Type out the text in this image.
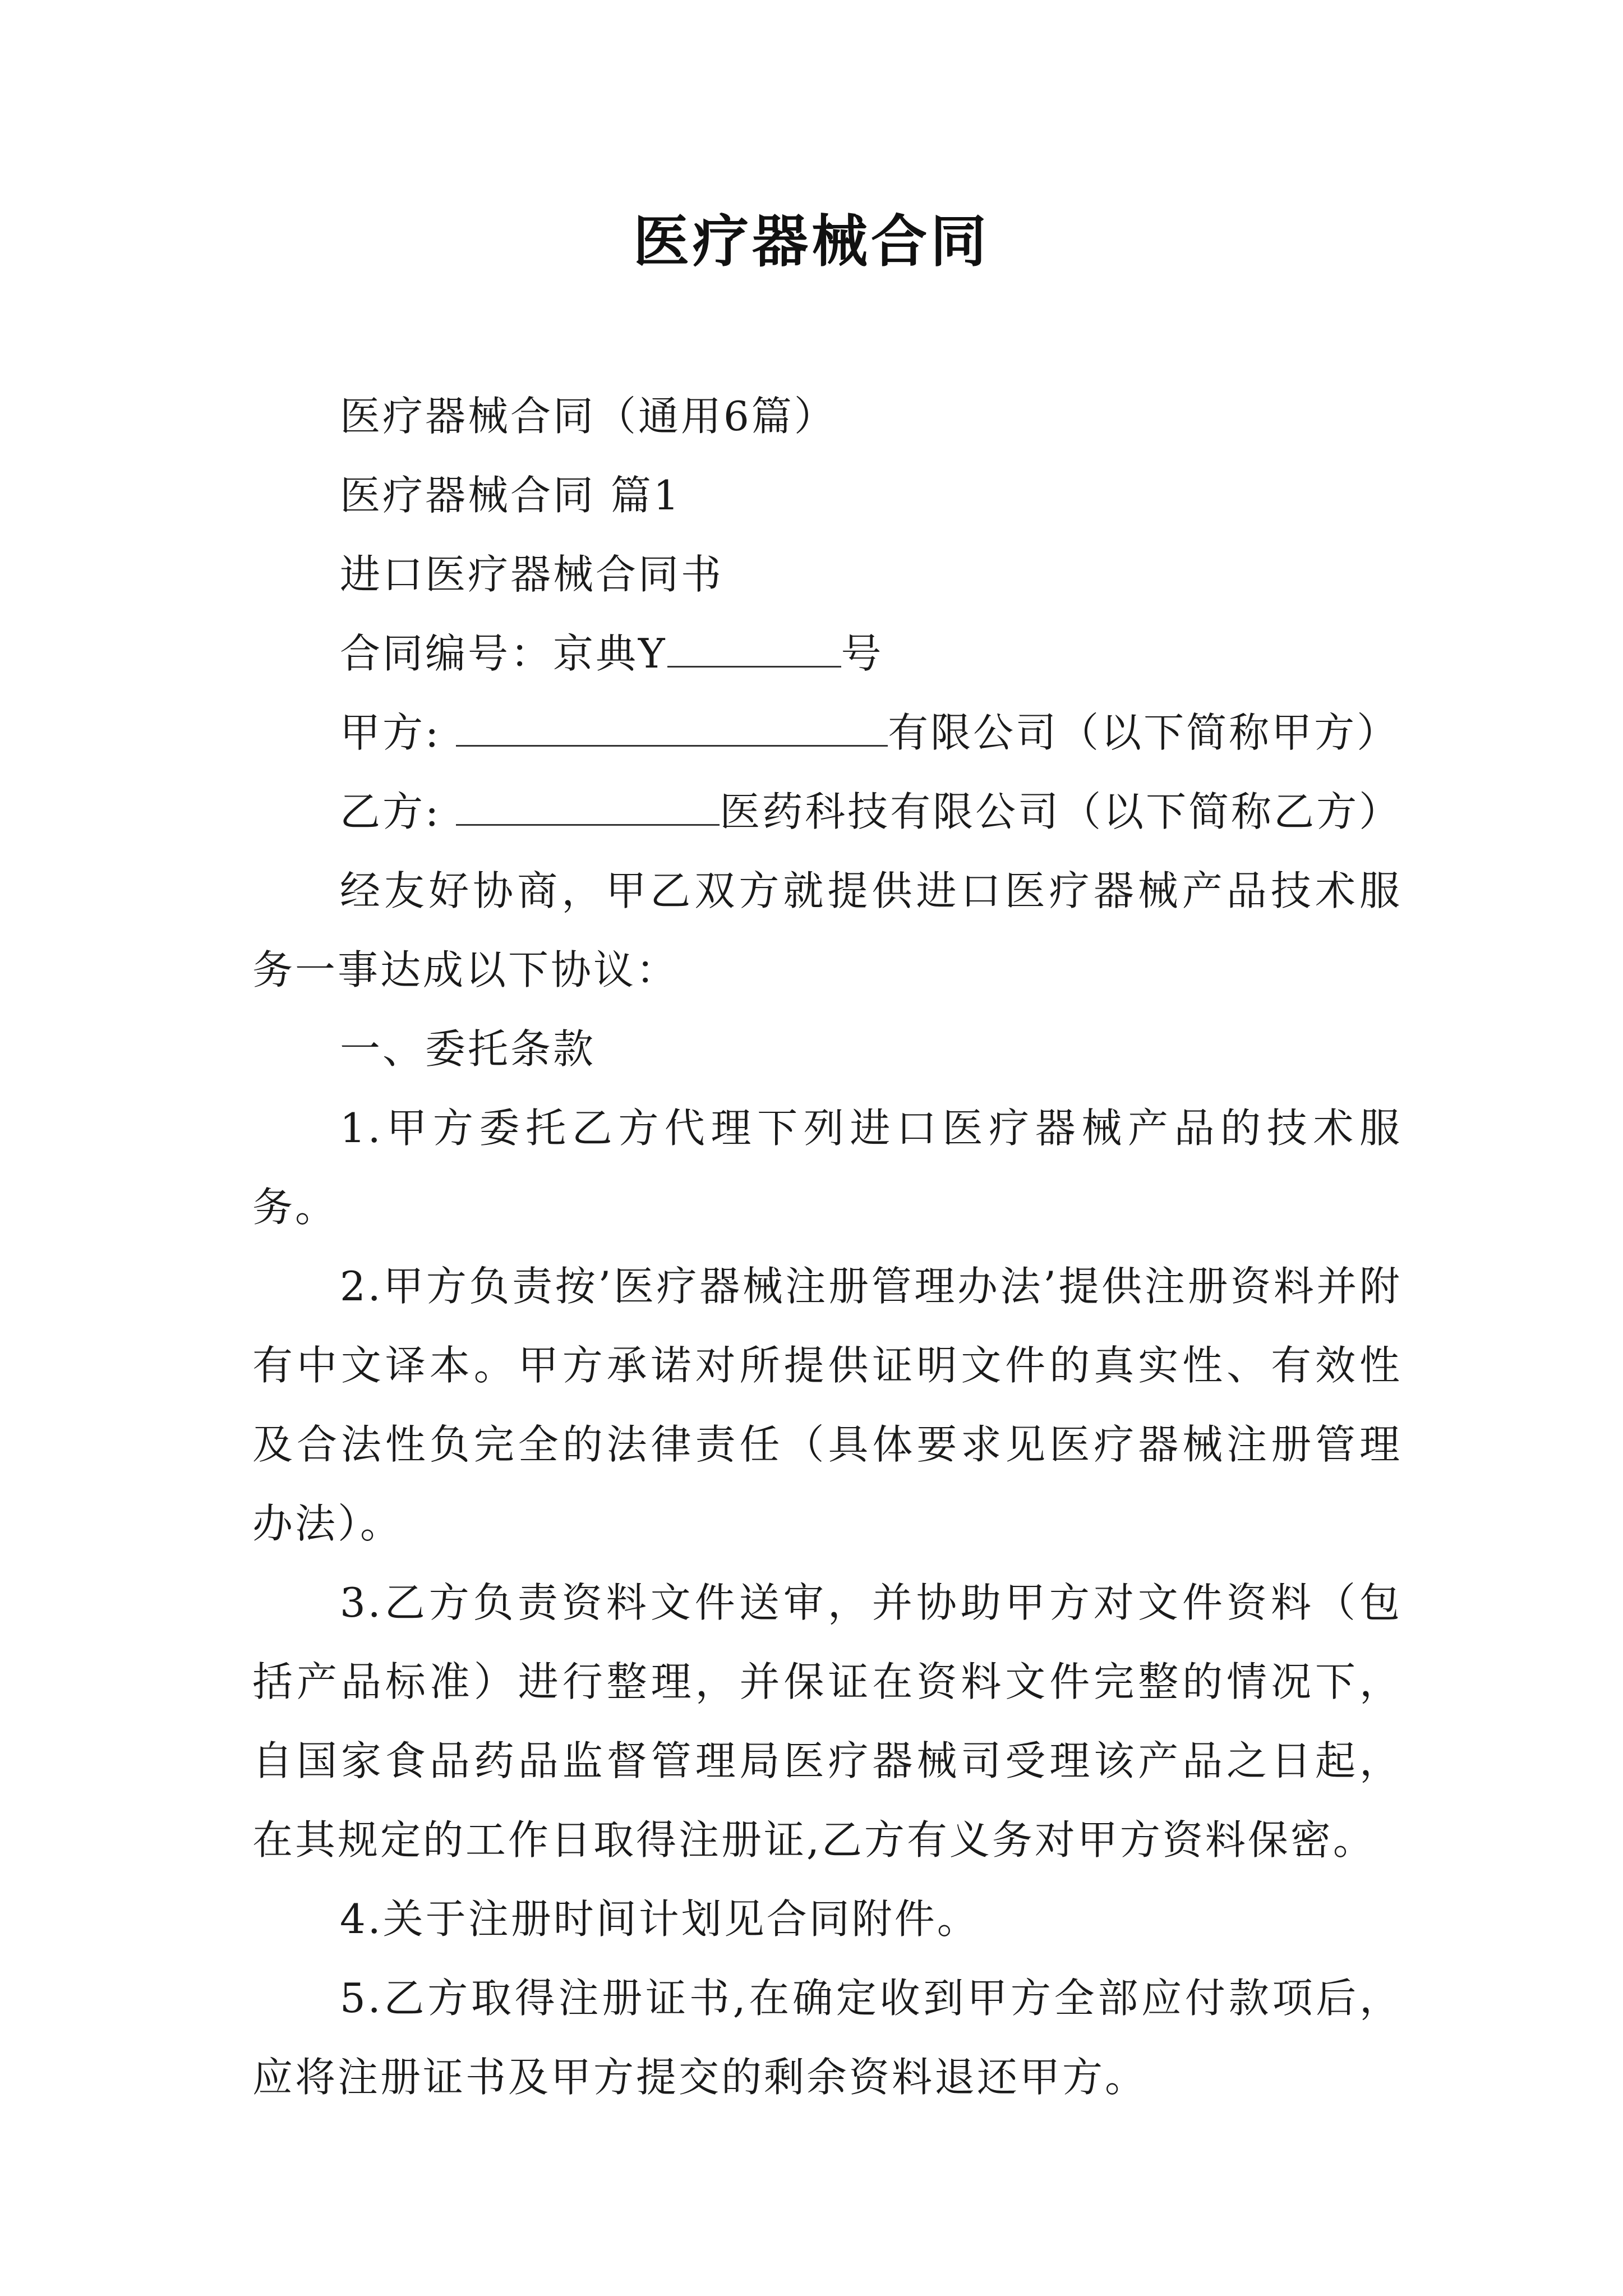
医疗器械合同

医疗器械合同（通用6篇）

医疗器械合同 篇1

进口医疗器械合同书

合同编号：京典Y	号

甲方:	有限公司（以下简称甲方）

乙方:	医药科技有限公司（以下简称乙方）

经友好协商，甲乙双方就提供进口医疗器械产品技术服务一事达成以下协议：

一、委托条款

1.甲方委托乙方代理下列进口医疗器械产品的技术服务。

2.甲方负责按’医疗器械注册管理办法’提供注册资料并附有中文译本。甲方承诺对所提供证明文件的真实性、有效性及合法性负完全的法律责任（具体要求见医疗器械注册管理办法）。

3.乙方负责资料文件送审，并协助甲方对文件资料（包括产品标准）进行整理，并保证在资料文件完整的情况下，自国家食品药品监督管理局医疗器械司受理该产品之日起，在其规定的工作日取得注册证,乙方有义务对甲方资料保密。

4.关于注册时间计划见合同附件。

5.乙方取得注册证书,在确定收到甲方全部应付款项后，应将注册证书及甲方提交的剩余资料退还甲方。
